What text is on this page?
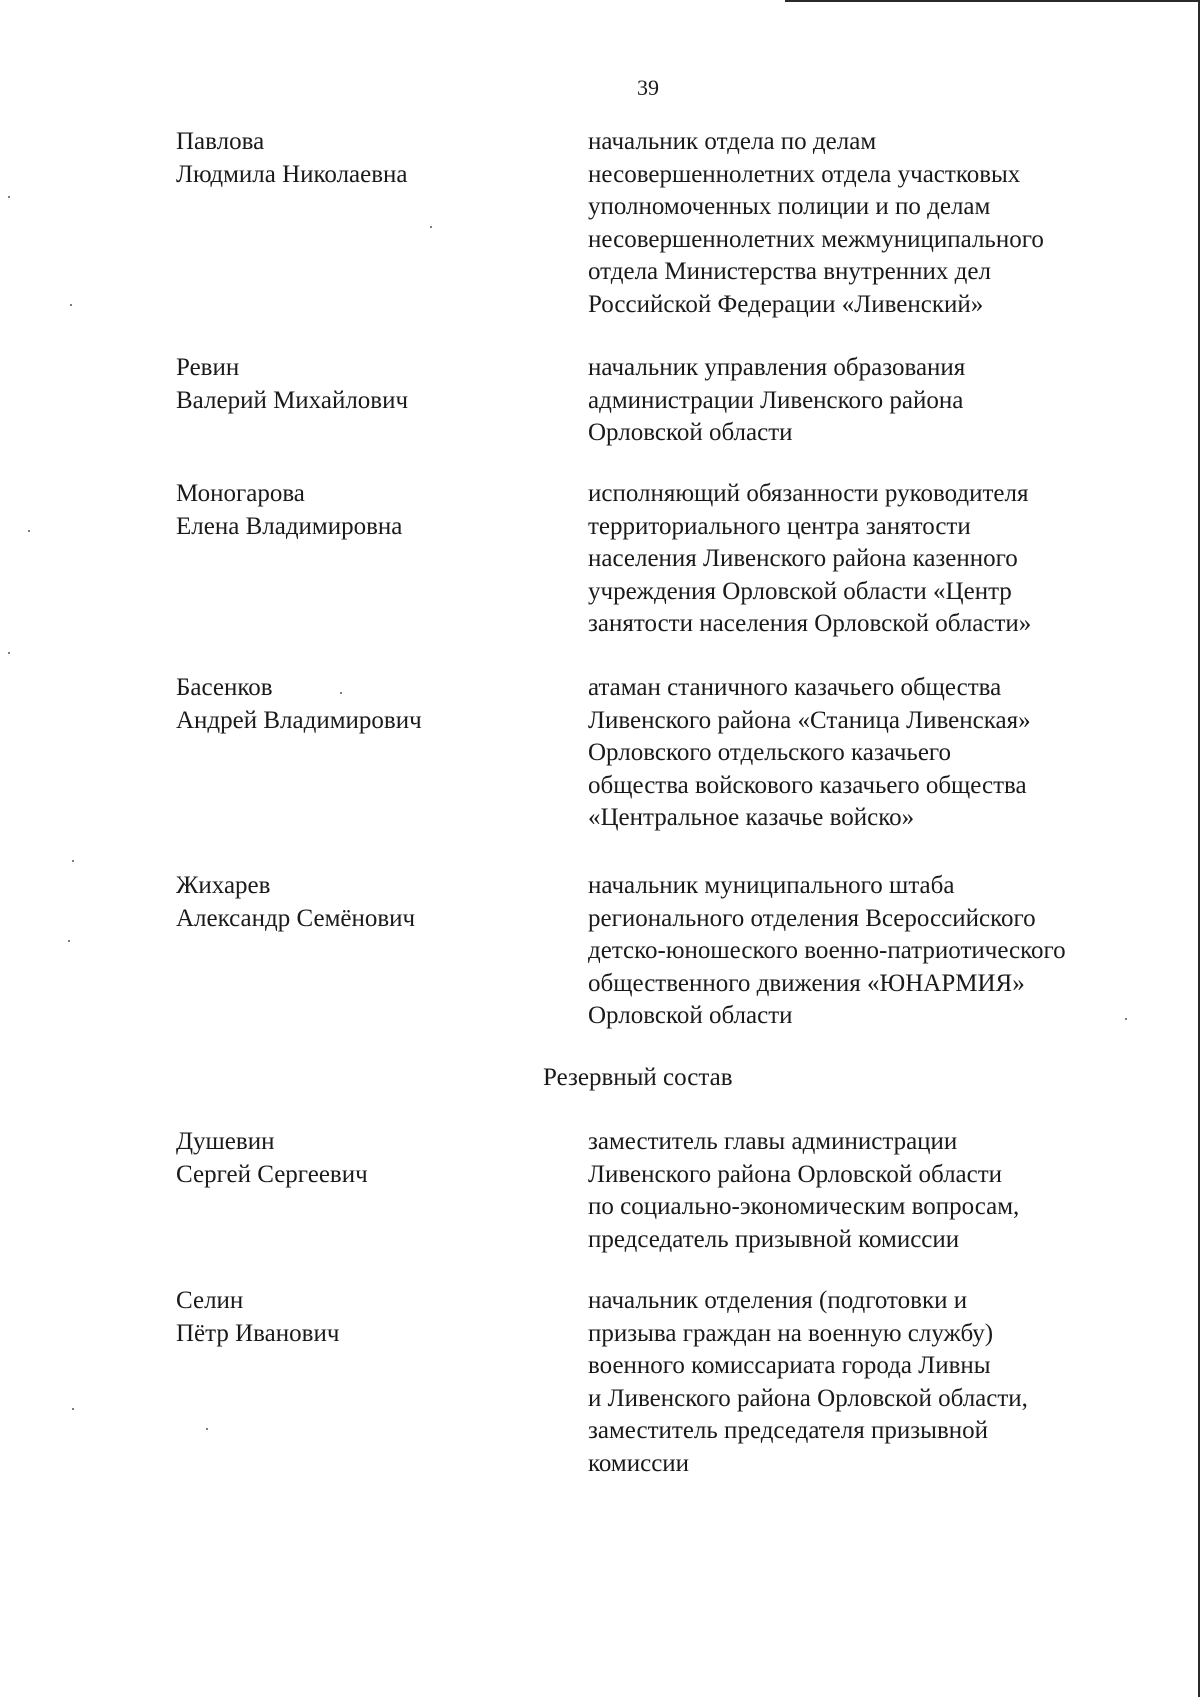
39
Павлова
Людмила Николаевна
начальник отдела по делам
несовершеннолетних отдела участковых
уполномоченных полиции и по делам
несовершеннолетних межмуниципального
отдела Министерства внутренних дел
Российской Федерации «Ливенский»
Ревин
Валерий Михайлович
начальник управления образования
администрации Ливенского района
Орловской области
Моногарова
Елена Владимировна
исполняющий обязанности руководителя
территориального центра занятости
населения Ливенского района казенного
учреждения Орловской области «Центр
занятости населения Орловской области»
Басенков
Андрей Владимирович
атаман станичного казачьего общества
Ливенского района «Станица Ливенская»
Орловского отдельского казачьего
общества войскового казачьего общества
«Центральное казачье войско»
Жихарев
Александр Семёнович
начальник муниципального штаба
регионального отделения Всероссийского
детско-юношеского военно-патриотического
общественного движения «ЮНАРМИЯ»
Орловской области
Резервный состав
Душевин
Сергей Сергеевич
заместитель главы администрации
Ливенского района Орловской области
по социально-экономическим вопросам,
председатель призывной комиссии
Селин
Пётр Иванович
начальник отделения (подготовки и
призыва граждан на военную службу)
военного комиссариата города Ливны
и Ливенского района Орловской области,
заместитель председателя призывной
комиссии
